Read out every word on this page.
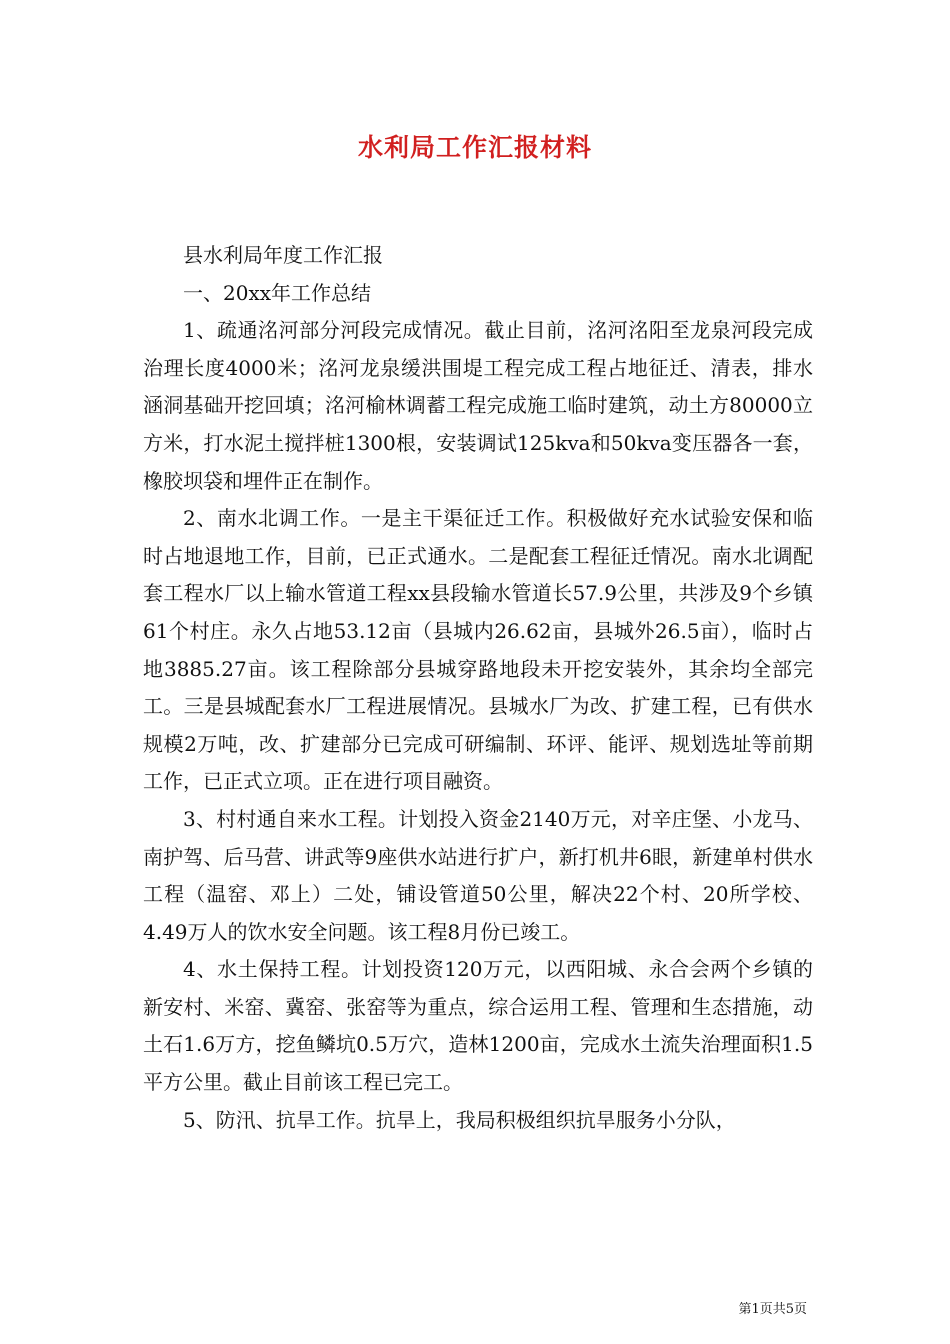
水利局工作汇报材料

县水利局年度工作汇报

一、20xx年工作总结

1、疏通洺河部分河段完成情况。截止目前，洺河洺阳至龙泉河段完成治理长度4000米；洺河龙泉缓洪围堤工程完成工程占地征迁、清表，排水涵洞基础开挖回填；洺河榆林调蓄工程完成施工临时建筑，动土方80000立方米，打水泥土搅拌桩1300根，安装调试125kva和50kva变压器各一套，橡胶坝袋和埋件正在制作。

2、南水北调工作。一是主干渠征迁工作。积极做好充水试验安保和临时占地退地工作，目前，已正式通水。二是配套工程征迁情况。南水北调配套工程水厂以上输水管道工程xx县段输水管道长57.9公里，共涉及9个乡镇61个村庄。永久占地53.12亩（县城内26.62亩，县城外26.5亩），临时占地3885.27亩。该工程除部分县城穿路地段未开挖安装外，其余均全部完工。三是县城配套水厂工程进展情况。县城水厂为改、扩建工程，已有供水规模2万吨，改、扩建部分已完成可研编制、环评、能评、规划选址等前期工作，已正式立项。正在进行项目融资。

3、村村通自来水工程。计划投入资金2140万元，对辛庄堡、小龙马、南护驾、后马营、讲武等9座供水站进行扩户，新打机井6眼，新建单村供水工程（温窑、邓上）二处，铺设管道50公里，解决22个村、20所学校、4.49万人的饮水安全问题。该工程8月份已竣工。

4、水土保持工程。计划投资120万元，以西阳城、永合会两个乡镇的新安村、米窑、冀窑、张窑等为重点，综合运用工程、管理和生态措施，动土石1.6万方，挖鱼鳞坑0.5万穴，造林1200亩，完成水土流失治理面积1.5平方公里。截止目前该工程已完工。

5、防汛、抗旱工作。抗旱上，我局积极组织抗旱服务小分队，

第1页共5页
